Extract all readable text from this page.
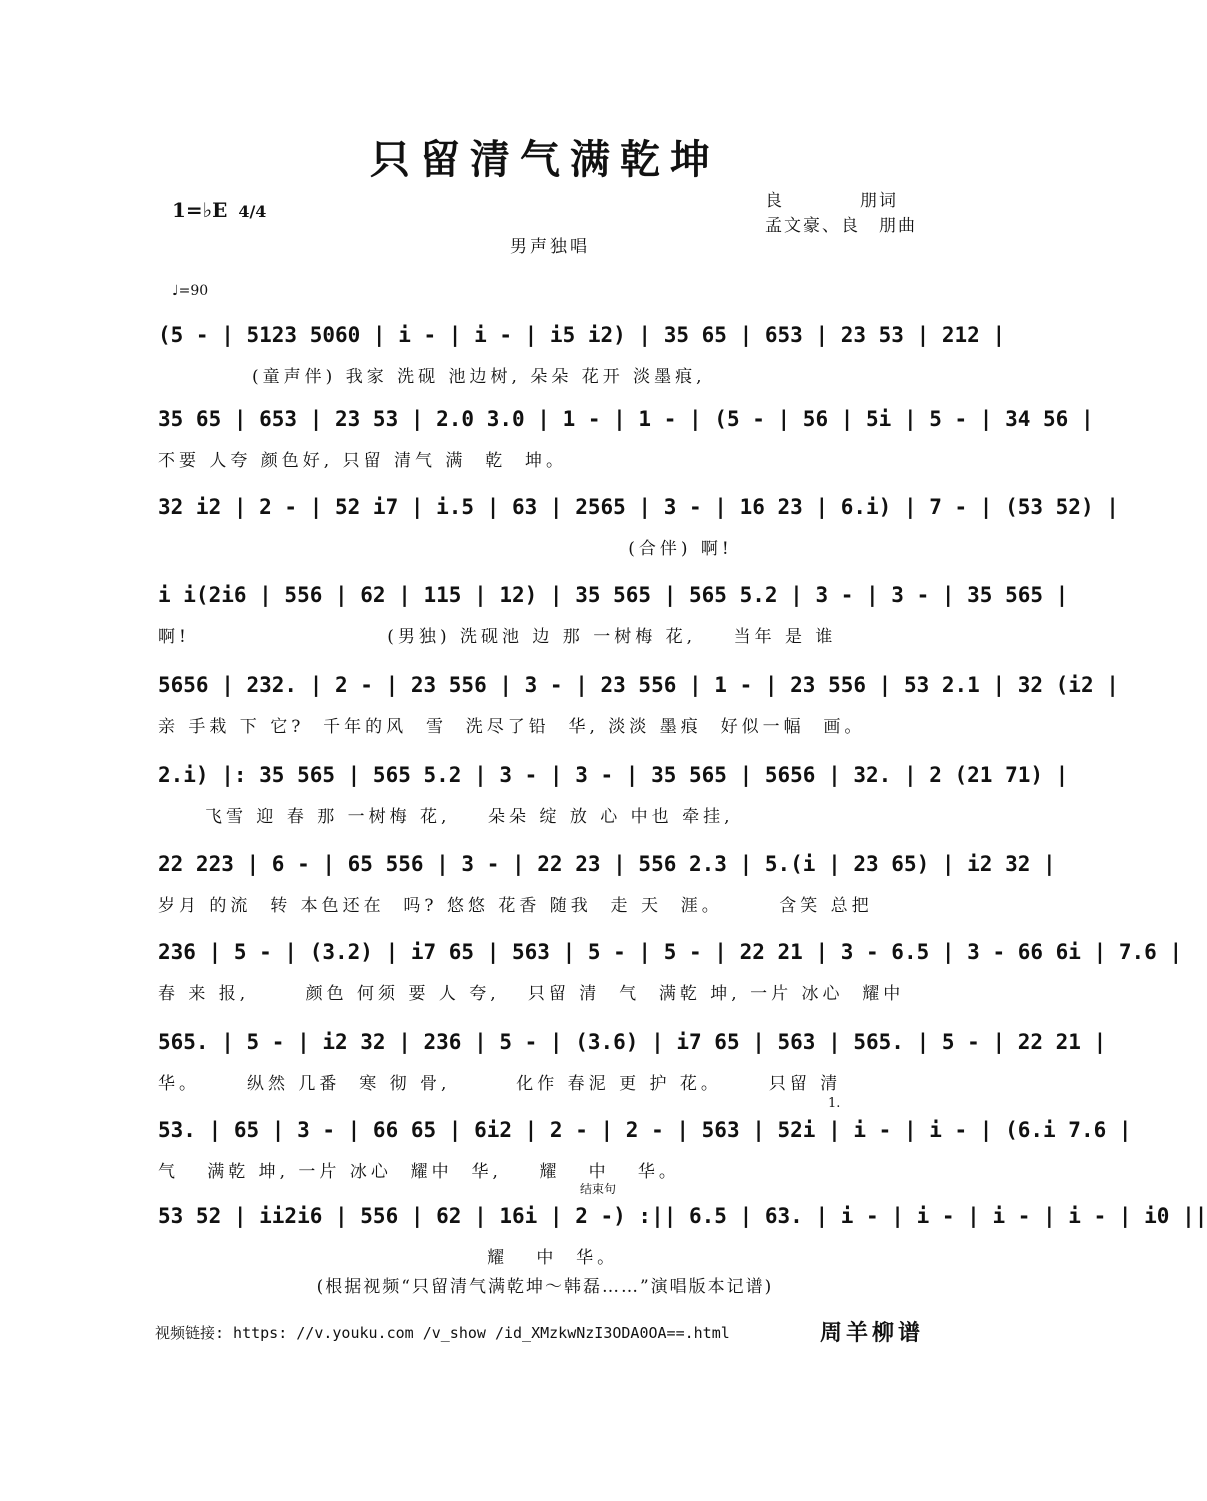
只留清气满乾坤
1=♭E 4/4
良　　　　朋词
孟文豪、良　朋曲
男声独唱
♩=90
(5 - | 5123 5060 | i - | i - | i5 i2) | 35 65 | 653 | 23 53 | 212 |
(童声伴) 我家 洗砚 池边树, 朵朵 花开 淡墨痕,
35 65 | 653 | 23 53 | 2.0 3.0 | 1 - | 1 - | (5 - | 56 | 5i | 5 - | 34 56 |
不要 人夸 颜色好, 只留 清气 满  乾  坤。
32 i2 | 2 - | 52 i7 | i.5 | 63 | 2565 | 3 - | 16 23 | 6.i) | 7 - | (53 52) |
(合伴) 啊!
i i(2i6 | 556 | 62 | 115 | 12) | 35 565 | 565 5.2 | 3 - | 3 - | 35 565 |
啊!                     (男独) 洗砚池 边 那 一树梅 花,    当年 是 谁
5656 | 232. | 2 - | 23 556 | 3 - | 23 556 | 1 - | 23 556 | 53 2.1 | 32 (i2 |
亲 手栽 下 它?  千年的风  雪  洗尽了铅  华, 淡淡 墨痕  好似一幅  画。
2.i) |: 35 565 | 565 5.2 | 3 - | 3 - | 35 565 | 5656 | 32. | 2 (21 71) |
飞雪 迎 春 那 一树梅 花,    朵朵 绽 放 心 中也 牵挂,
22 223 | 6 - | 65 556 | 3 - | 22 23 | 556 2.3 | 5.(i | 23 65) | i2 32 |
岁月 的流  转 本色还在  吗? 悠悠 花香 随我  走 天  涯。      含笑 总把
236 | 5 - | (3.2) | i7 65 | 563 | 5 - | 5 - | 22 21 | 3 - 6.5 | 3 - 66 6i | 7.6 |
春 来 报,      颜色 何须 要 人 夸,   只留 清  气  满乾 坤, 一片 冰心  耀中
565. | 5 - | i2 32 | 236 | 5 - | (3.6) | i7 65 | 563 | 565. | 5 - | 22 21 |
华。     纵然 几番  寒 彻 骨,       化作 春泥 更 护 花。     只留 清
53. | 65 | 3 - | 66 65 | 6i2 | 2 - | 2 - | 563 | 52i | i - | i - | (6.i 7.6 |
气   满乾 坤, 一片 冰心  耀中  华,    耀   中   华。
53 52 | ii2i6 | 556 | 62 | 16i | 2 -) :|| 6.5 | 63. | i - | i - | i - | i - | i0 ||
耀   中  华。
1.
结束句
(根据视频“只留清气满乾坤～韩磊……”演唱版本记谱)
视频链接: https: //v.youku.com /v_show /id_XMzkwNzI3ODA0OA==.html	周羊柳谱
